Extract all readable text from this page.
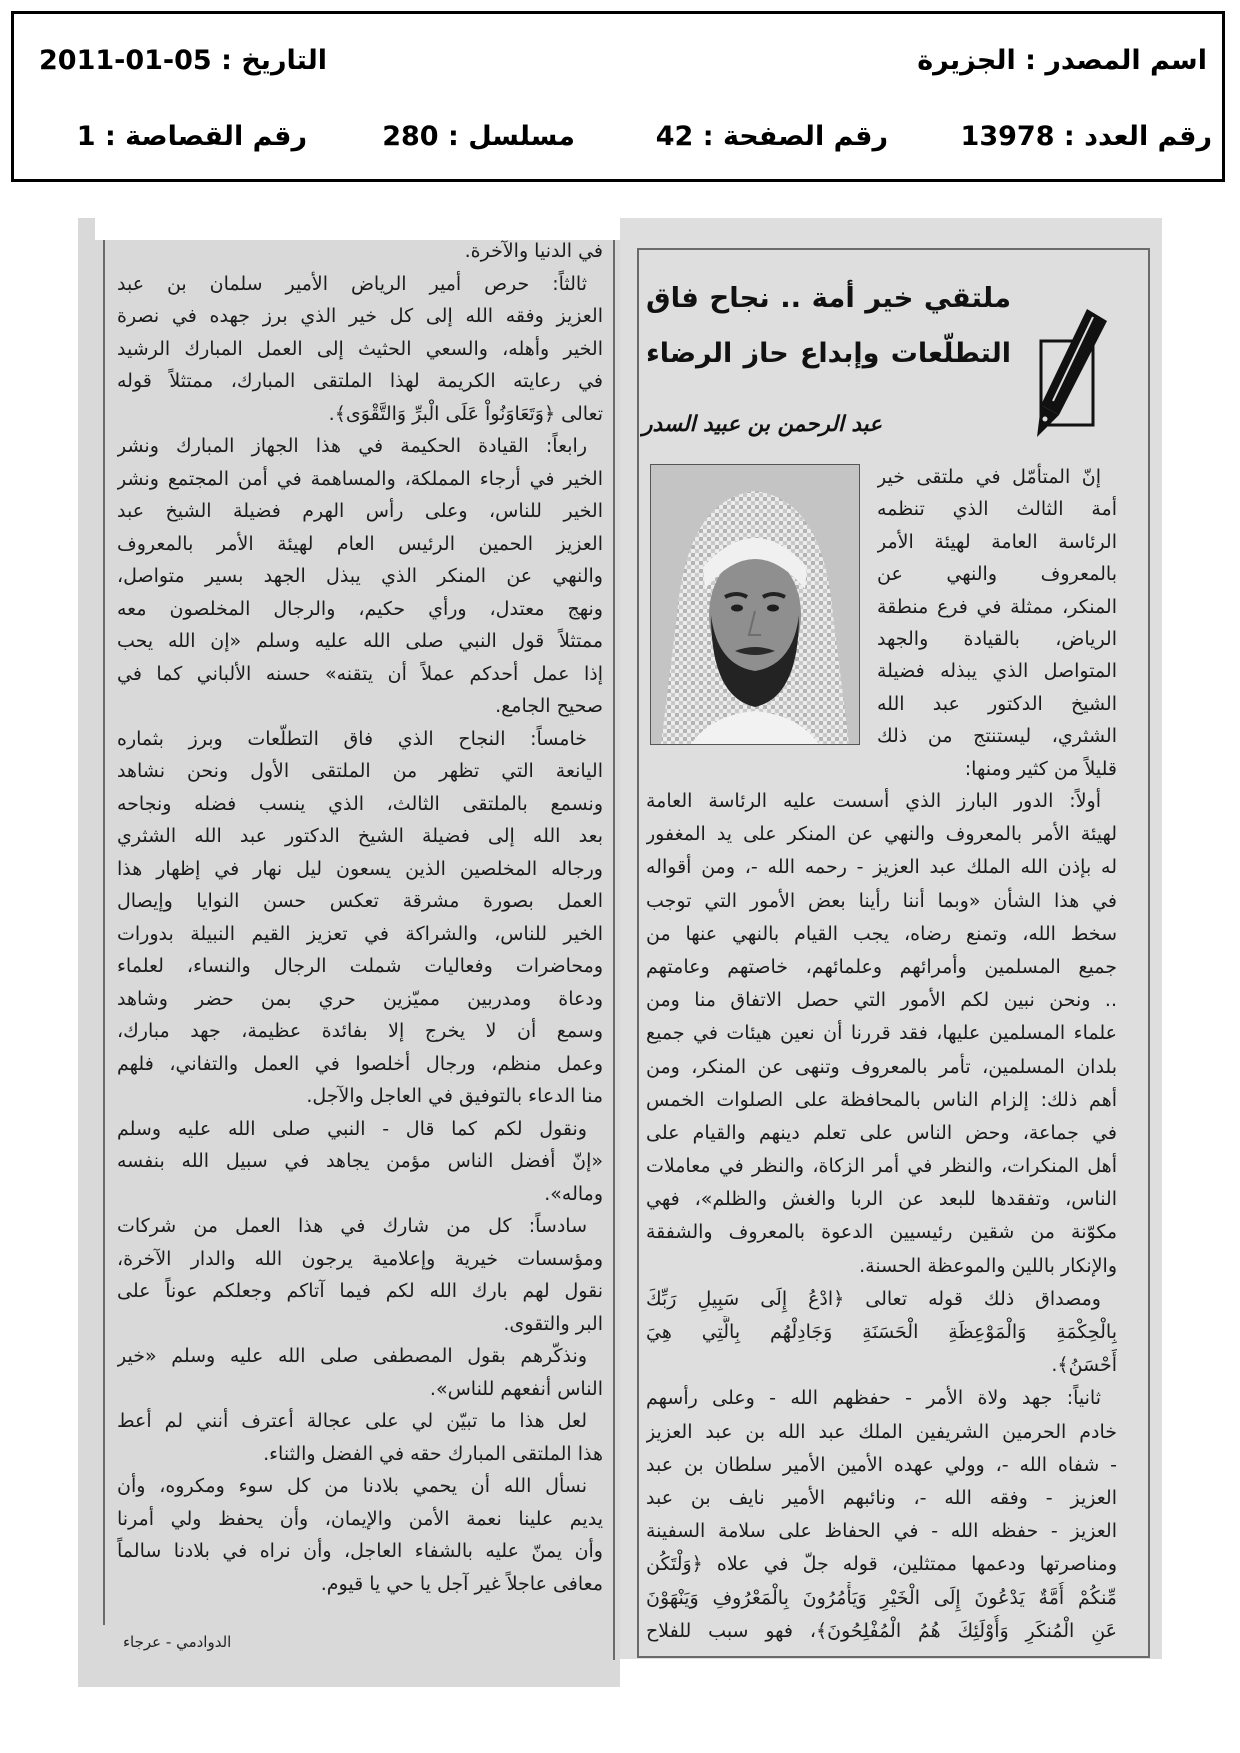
اسم المصدر : الجزيرة
التاريخ : 2011-01-05
رقم العدد : 13978
رقم الصفحة : 42
مسلسل : 280
رقم القصاصة : 1
ملتقي خير أمة .. نجاح فاق
التطلّعات وإبداع حاز الرضاء
عبد الرحمن بن عبيد السدر
إنّ المتأمّل في ملتقى خير
أمة الثالث الذي تنظمه
الرئاسة العامة لهيئة الأمر
بالمعروف والنهي عن
المنكر، ممثلة في فرع منطقة
الرياض، بالقيادة والجهد
المتواصل الذي يبذله فضيلة
الشيخ الدكتور عبد الله
الشثري، ليستنتج من ذلك
قليلاً من كثير ومنها:
أولاً: الدور البارز الذي أسست عليه الرئاسة العامة
لهيئة الأمر بالمعروف والنهي عن المنكر على يد المغفور
له بإذن الله الملك عبد العزيز - رحمه الله -، ومن أقواله
في هذا الشأن «وبما أننا رأينا بعض الأمور التي توجب
سخط الله، وتمنع رضاه، يجب القيام بالنهي عنها من
جميع المسلمين وأمرائهم وعلمائهم، خاصتهم وعامتهم
.. ونحن نبين لكم الأمور التي حصل الاتفاق منا ومن
علماء المسلمين عليها، فقد قررنا أن نعين هيئات في جميع
بلدان المسلمين، تأمر بالمعروف وتنهى عن المنكر، ومن
أهم ذلك: إلزام الناس بالمحافظة على الصلوات الخمس
في جماعة، وحض الناس على تعلم دينهم والقيام على
أهل المنكرات، والنظر في أمر الزكاة، والنظر في معاملات
الناس، وتفقدها للبعد عن الربا والغش والظلم»، فهي
مكوّنة من شقين رئيسيين الدعوة بالمعروف والشفقة
والإنكار باللين والموعظة الحسنة.
ومصداق ذلك قوله تعالى ﴿ادْعُ إِلَى سَبِيلِ رَبِّكَ
بِالْحِكْمَةِ وَالْمَوْعِظَةِ الْحَسَنَةِ وَجَادِلْهُم بِالَّتِي هِيَ
أَحْسَنُ﴾.
ثانياً: جهد ولاة الأمر - حفظهم الله - وعلى رأسهم
خادم الحرمين الشريفين الملك عبد الله بن عبد العزيز
- شفاه الله -، وولي عهده الأمين الأمير سلطان بن عبد
العزيز - وفقه الله -، ونائبهم الأمير نايف بن عبد
العزيز - حفظه الله - في الحفاظ على سلامة السفينة
ومناصرتها ودعمها ممتثلين، قوله جلّ في علاه ﴿وَلْتَكُن
مِّنكُمْ أُمَّةٌ يَدْعُونَ إِلَى الْخَيْرِ وَيَأْمُرُونَ بِالْمَعْرُوفِ وَيَنْهَوْنَ
عَنِ الْمُنكَرِ وَأُوْلَئِكَ هُمُ الْمُفْلِحُونَ﴾، فهو سبب للفلاح
في الدنيا والآخرة.
ثالثاً: حرص أمير الرياض الأمير سلمان بن عبد
العزيز وفقه الله إلى كل خير الذي برز جهده في نصرة
الخير وأهله، والسعي الحثيث إلى العمل المبارك الرشيد
في رعايته الكريمة لهذا الملتقى المبارك، ممتثلاً قوله
تعالى ﴿وَتَعَاوَنُواْ عَلَى الْبرِّ وَالتَّقْوَى﴾.
رابعاً: القيادة الحكيمة في هذا الجهاز المبارك ونشر
الخير في أرجاء المملكة، والمساهمة في أمن المجتمع ونشر
الخير للناس، وعلى رأس الهرم فضيلة الشيخ عبد
العزيز الحمين الرئيس العام لهيئة الأمر بالمعروف
والنهي عن المنكر الذي يبذل الجهد بسير متواصل،
ونهج معتدل، ورأي حكيم، والرجال المخلصون معه
ممتثلاً قول النبي صلى الله عليه وسلم «إن الله يحب
إذا عمل أحدكم عملاً أن يتقنه» حسنه الألباني كما في
صحيح الجامع.
خامساً: النجاح الذي فاق التطلّعات وبرز بثماره
اليانعة التي تظهر من الملتقى الأول ونحن نشاهد
ونسمع بالملتقى الثالث، الذي ينسب فضله ونجاحه
بعد الله إلى فضيلة الشيخ الدكتور عبد الله الشثري
ورجاله المخلصين الذين يسعون ليل نهار في إظهار هذا
العمل بصورة مشرقة تعكس حسن النوايا وإيصال
الخير للناس، والشراكة في تعزيز القيم النبيلة بدورات
ومحاضرات وفعاليات شملت الرجال والنساء، لعلماء
ودعاة ومدربين مميّزين حري بمن حضر وشاهد
وسمع أن لا يخرج إلا بفائدة عظيمة، جهد مبارك،
وعمل منظم، ورجال أخلصوا في العمل والتفاني، فلهم
منا الدعاء بالتوفيق في العاجل والآجل.
ونقول لكم كما قال - النبي صلى الله عليه وسلم
«إنّ أفضل الناس مؤمن يجاهد في سبيل الله بنفسه
وماله».
سادساً: كل من شارك في هذا العمل من شركات
ومؤسسات خيرية وإعلامية يرجون الله والدار الآخرة،
نقول لهم بارك الله لكم فيما آتاكم وجعلكم عوناً على
البر والتقوى.
ونذكّرهم بقول المصطفى صلى الله عليه وسلم «خير
الناس أنفعهم للناس».
لعل هذا ما تبيّن لي على عجالة أعترف أنني لم أعط
هذا الملتقى المبارك حقه في الفضل والثناء.
نسأل الله أن يحمي بلادنا من كل سوء ومكروه، وأن
يديم علينا نعمة الأمن والإيمان، وأن يحفظ ولي أمرنا
وأن يمنّ عليه بالشفاء العاجل، وأن نراه في بلادنا سالماً
معافى عاجلاً غير آجل يا حي يا قيوم.
الدوادمي - عرجاء
